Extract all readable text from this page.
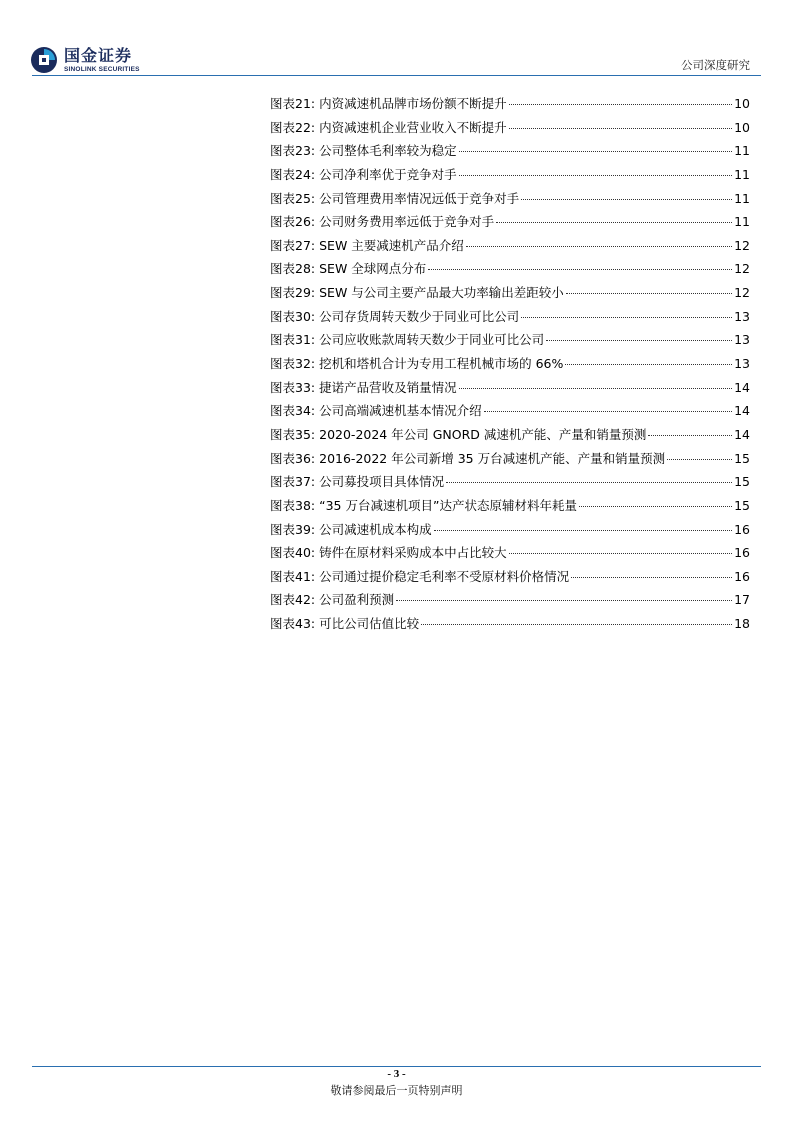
国金证券
SINOLINK SECURITIES	公司深度研究
图表21: 内资减速机品牌市场份额不断提升	10
图表22: 内资减速机企业营业收入不断提升	10
图表23: 公司整体毛利率较为稳定	11
图表24: 公司净利率优于竞争对手	11
图表25: 公司管理费用率情况远低于竞争对手	11
图表26: 公司财务费用率远低于竞争对手	11
图表27: SEW 主要减速机产品介绍	12
图表28: SEW 全球网点分布	12
图表29: SEW 与公司主要产品最大功率输出差距较小	12
图表30: 公司存货周转天数少于同业可比公司	13
图表31: 公司应收账款周转天数少于同业可比公司	13
图表32: 挖机和塔机合计为专用工程机械市场的 66%	13
图表33: 捷诺产品营收及销量情况	14
图表34: 公司高端减速机基本情况介绍	14
图表35: 2020-2024 年公司 GNORD 减速机产能、产量和销量预测	14
图表36: 2016-2022 年公司新增 35 万台减速机产能、产量和销量预测	15
图表37: 公司募投项目具体情况	15
图表38: “35 万台减速机项目”达产状态原辅材料年耗量	15
图表39: 公司减速机成本构成	16
图表40: 铸件在原材料采购成本中占比较大	16
图表41: 公司通过提价稳定毛利率不受原材料价格情况	16
图表42: 公司盈利预测	17
图表43: 可比公司估值比较	18
- 3 -
敬请参阅最后一页特别声明
